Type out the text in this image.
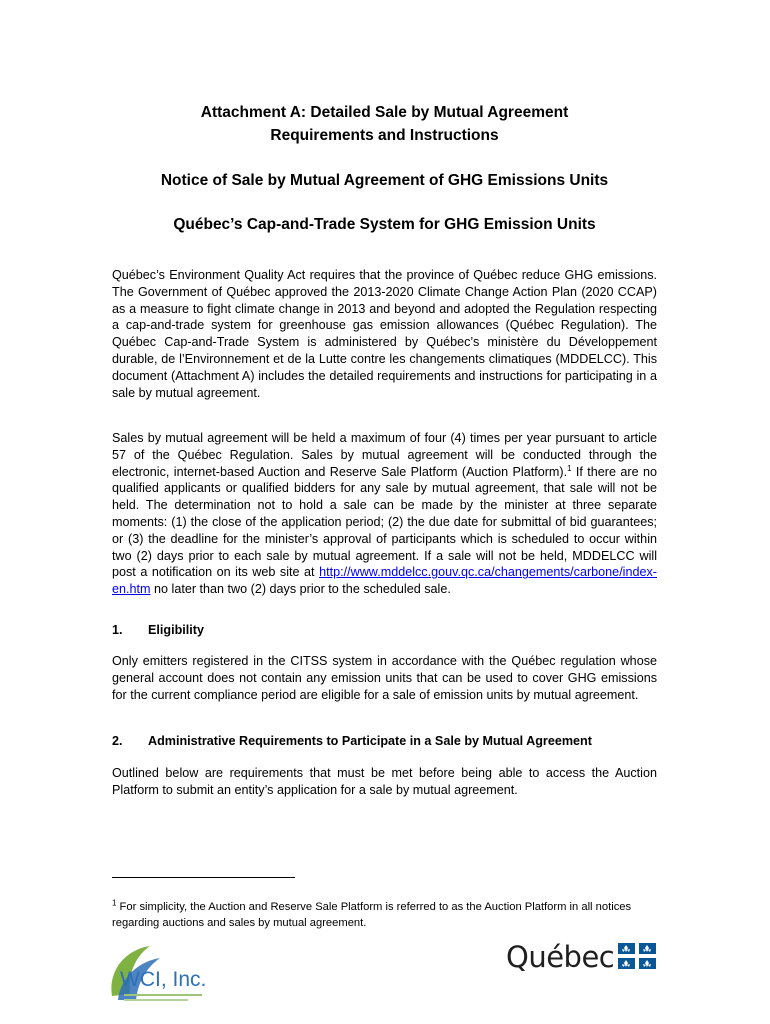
Attachment A: Detailed Sale by Mutual Agreement
Requirements and Instructions
Notice of Sale by Mutual Agreement of GHG Emissions Units
Québec’s Cap-and-Trade System for GHG Emission Units

Québec’s Environment Quality Act requires that the province of Québec reduce GHG emissions. The Government of Québec approved the 2013-2020 Climate Change Action Plan (2020 CCAP) as a measure to fight climate change in 2013 and beyond and adopted the Regulation respecting a cap-and-trade system for greenhouse gas emission allowances (Québec Regulation). The Québec Cap-and-Trade System is administered by Québec’s ministère du Développement durable, de l’Environnement et de la Lutte contre les changements climatiques (MDDELCC). This document (Attachment A) includes the detailed requirements and instructions for participating in a sale by mutual agreement.

Sales by mutual agreement will be held a maximum of four (4) times per year pursuant to article 57 of the Québec Regulation. Sales by mutual agreement will be conducted through the electronic, internet-based Auction and Reserve Sale Platform (Auction Platform).$^1$ If there are no qualified applicants or qualified bidders for any sale by mutual agreement, that sale will not be held. The determination not to hold a sale can be made by the minister at three separate moments: (1) the close of the application period; (2) the due date for submittal of bid guarantees; or (3) the deadline for the minister’s approval of participants which is scheduled to occur within two (2) days prior to each sale by mutual agreement. If a sale will not be held, MDDELCC will post a notification on its web site at http://www.mddelcc.gouv.qc.ca/changements/carbone/index-en.htm no later than two (2) days prior to the scheduled sale.

1. Eligibility

Only emitters registered in the CITSS system in accordance with the Québec regulation whose general account does not contain any emission units that can be used to cover GHG emissions for the current compliance period are eligible for a sale of emission units by mutual agreement.

2. Administrative Requirements to Participate in a Sale by Mutual Agreement

Outlined below are requirements that must be met before being able to access the Auction Platform to submit an entity’s application for a sale by mutual agreement.

$^1$ For simplicity, the Auction and Reserve Sale Platform is referred to as the Auction Platform in all notices regarding auctions and sales by mutual agreement.

WCI, Inc.
Québec
